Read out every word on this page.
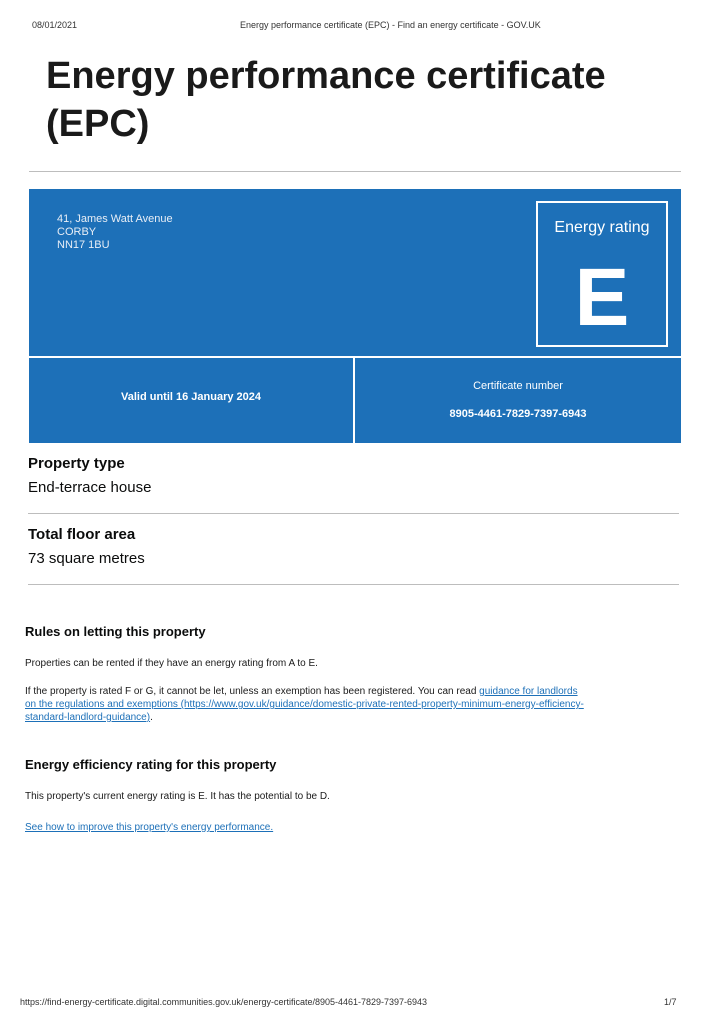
08/01/2021	Energy performance certificate (EPC) - Find an energy certificate - GOV.UK
Energy performance certificate (EPC)
41, James Watt Avenue
CORBY
NN17 1BU
Energy rating
E
Valid until 16 January 2024
Certificate number
8905-4461-7829-7397-6943
Property type
End-terrace house
Total floor area
73 square metres
Rules on letting this property
Properties can be rented if they have an energy rating from A to E.
If the property is rated F or G, it cannot be let, unless an exemption has been registered. You can read guidance for landlords
on the regulations and exemptions (https://www.gov.uk/guidance/domestic-private-rented-property-minimum-energy-efficiency-
standard-landlord-guidance).
Energy efficiency rating for this property
This property's current energy rating is E. It has the potential to be D.
See how to improve this property's energy performance.
https://find-energy-certificate.digital.communities.gov.uk/energy-certificate/8905-4461-7829-7397-6943	1/7
